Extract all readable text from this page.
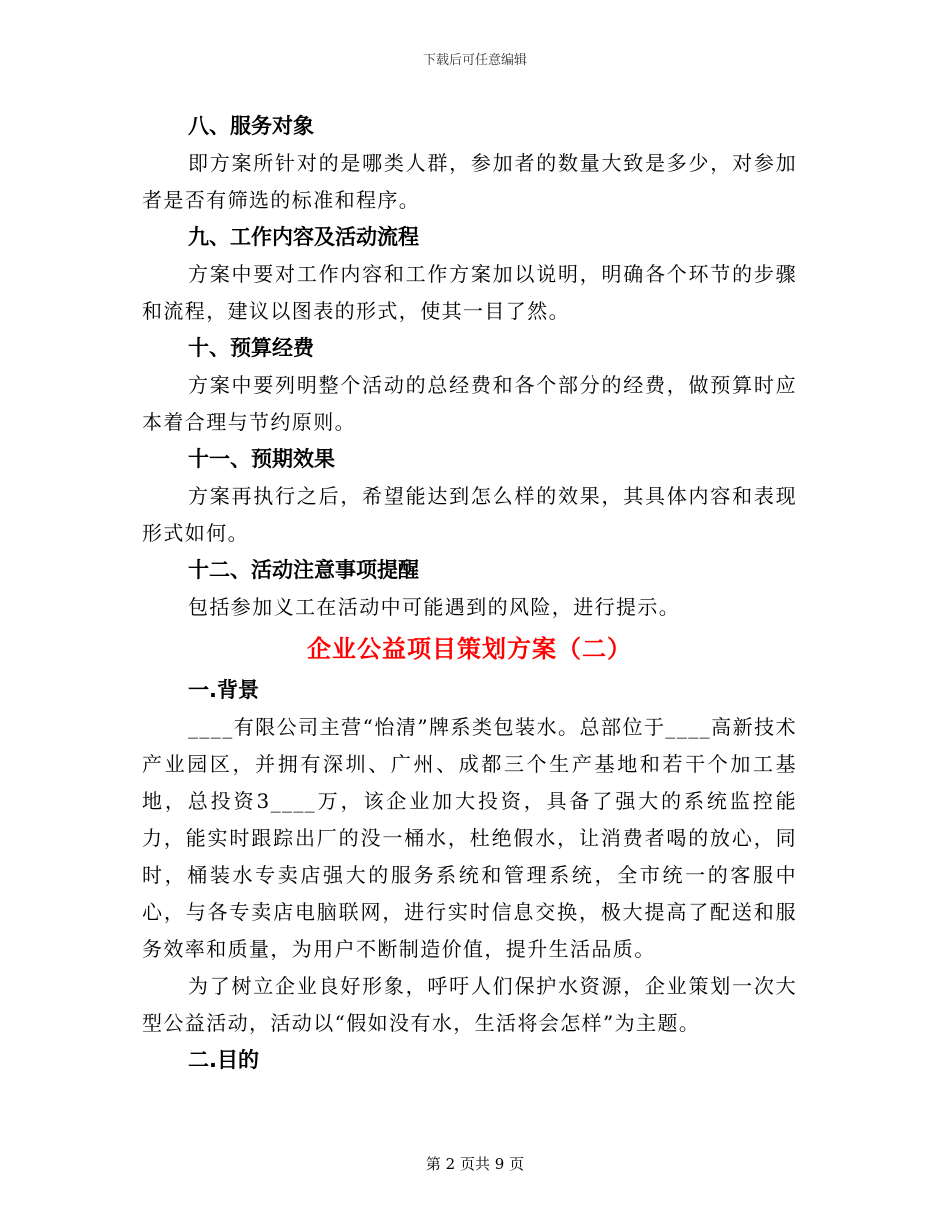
下载后可任意编辑
八、服务对象

即方案所针对的是哪类人群，参加者的数量大致是多少，对参加者是否有筛选的标准和程序。

九、工作内容及活动流程

方案中要对工作内容和工作方案加以说明，明确各个环节的步骤和流程，建议以图表的形式，使其一目了然。

十、预算经费

方案中要列明整个活动的总经费和各个部分的经费，做预算时应本着合理与节约原则。

十一、预期效果

方案再执行之后，希望能达到怎么样的效果，其具体内容和表现形式如何。

十二、活动注意事项提醒

包括参加义工在活动中可能遇到的风险，进行提示。

企业公益项目策划方案（二）
一.背景

____有限公司主营“怡清”牌系类包装水。总部位于____高新技术产业园区，并拥有深圳、广州、成都三个生产基地和若干个加工基地，总投资3____万，该企业加大投资，具备了强大的系统监控能力，能实时跟踪出厂的没一桶水，杜绝假水，让消费者喝的放心，同时，桶装水专卖店强大的服务系统和管理系统，全市统一的客服中心，与各专卖店电脑联网，进行实时信息交换，极大提高了配送和服务效率和质量，为用户不断制造价值，提升生活品质。

为了树立企业良好形象，呼吁人们保护水资源，企业策划一次大型公益活动，活动以“假如没有水，生活将会怎样”为主题。

二.目的
第 2 页共 9 页
